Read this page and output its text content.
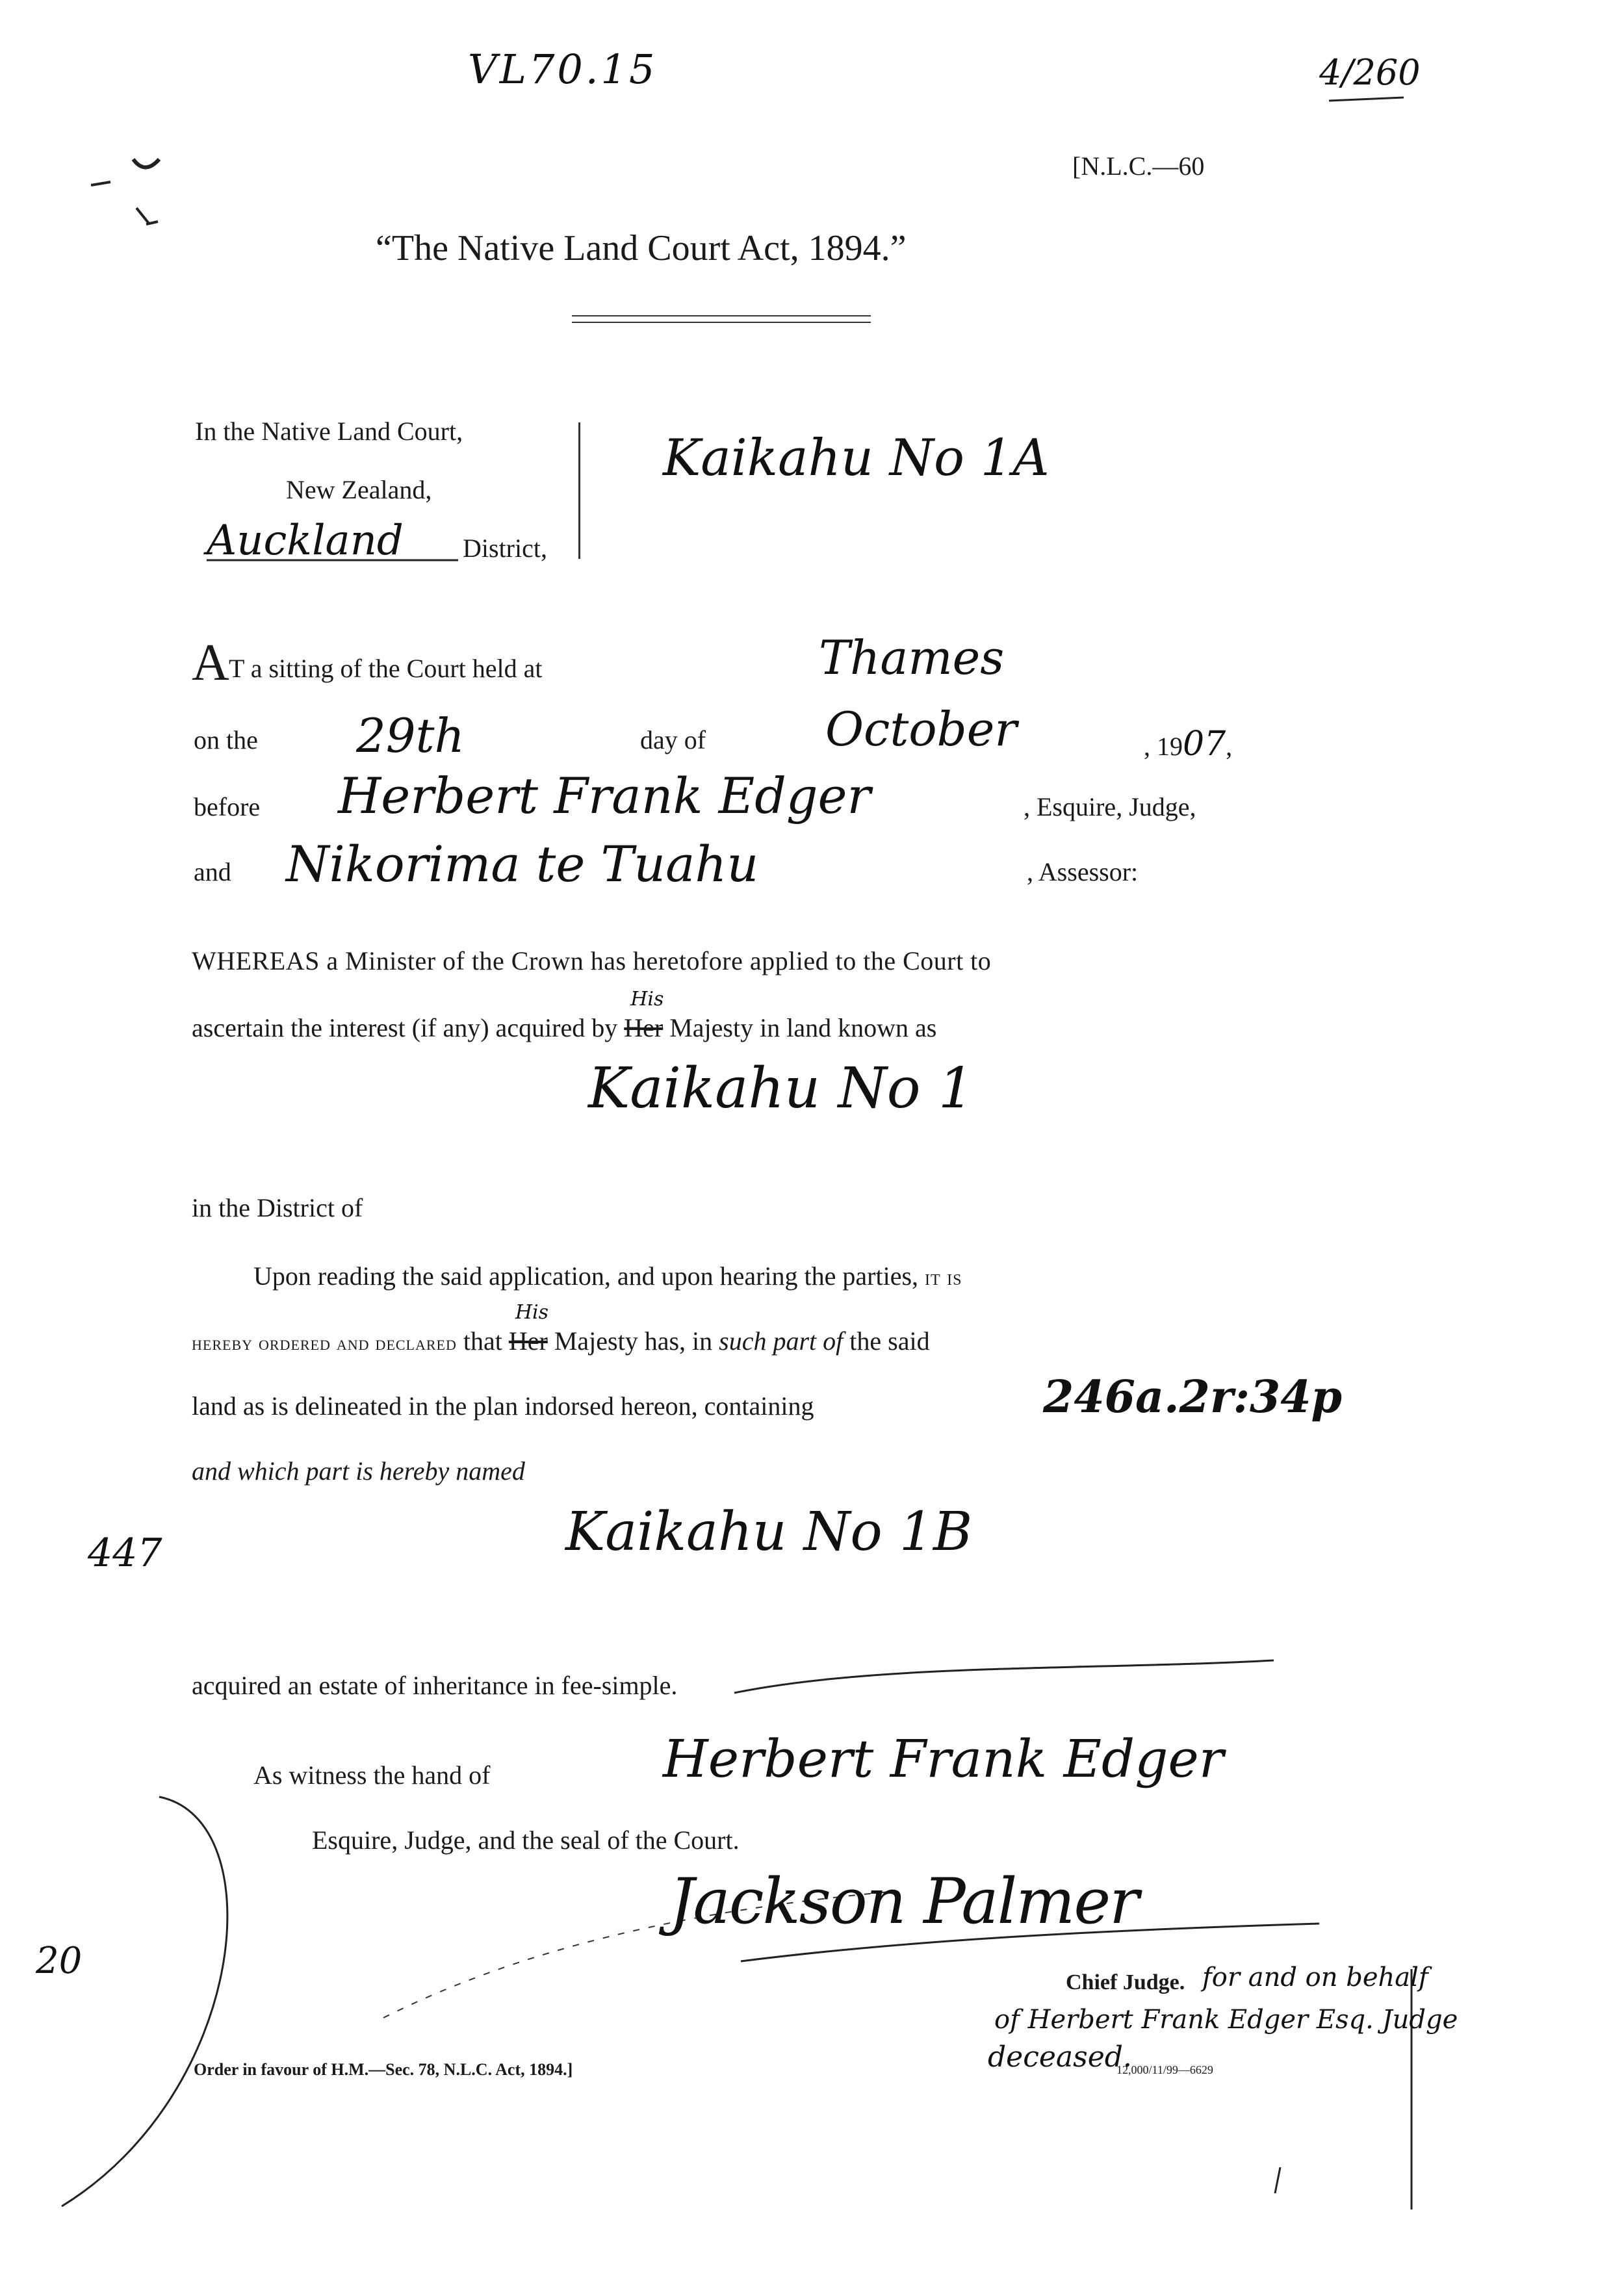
VL70.15	4/260
[N.L.C.—60
“The Native Land Court Act, 1894.”
In the Native Land Court,
New Zealand,
Auckland District,
Kaikahu No 1A
A T a sitting of the Court held at	Thames
on the 29th	day of	October	, 1907,
before Herbert Frank Edger	, Esquire, Judge,
and Nikorima te Tuahu	, Assessor:
WHEREAS a Minister of the Crown has heretofore applied to the Court to
ascertain the interest (if any) acquired by
His
Her Majesty in land known as
Kaikahu No 1
in the District of
Upon reading the said application, and upon hearing the parties, it is
hereby ordered and declared that
His
Her Majesty has, in such part of the said
land as is delineated in the plan indorsed hereon, containing	246a.2r:34p
and which part is hereby named
447	Kaikahu No 1B
acquired an estate of inheritance in fee-simple.
As witness the hand of	Herbert Frank Edger
Esquire, Judge, and the seal of the Court.
Jackson Palmer
20
Chief Judge. for and on behalf
of Herbert Frank Edger Esq. Judge
deceased.
12,000/11/99—6629
Order in favour of H.M.—Sec. 78, N.L.C. Act, 1894.]
